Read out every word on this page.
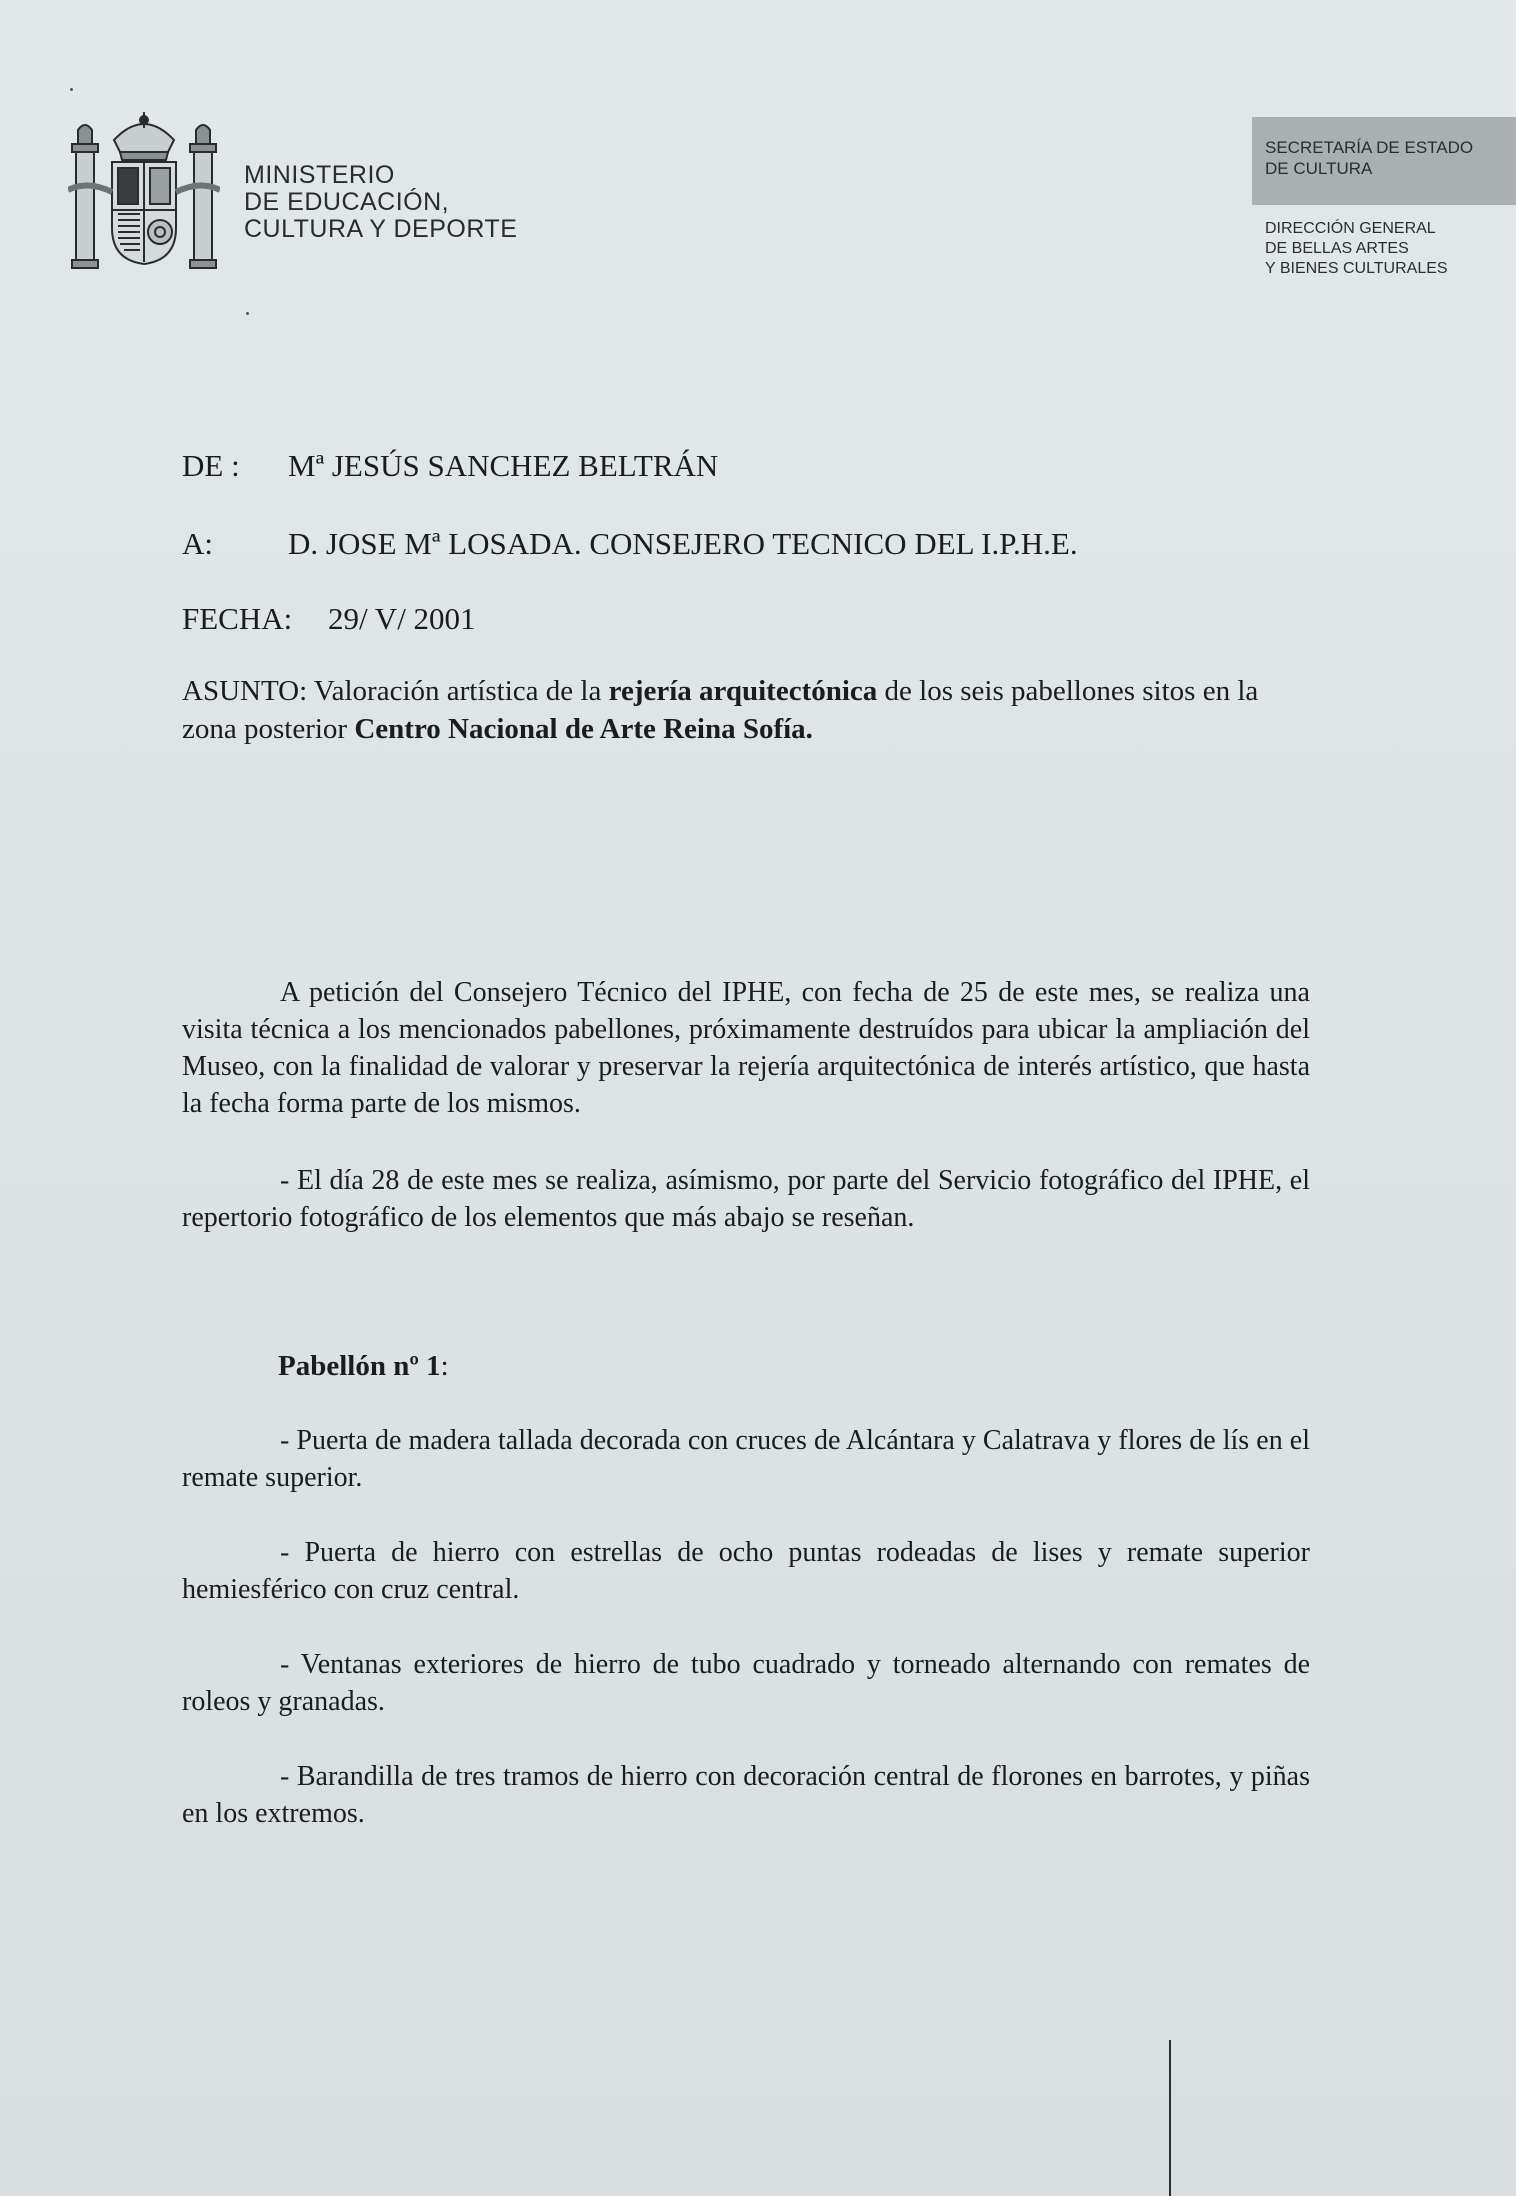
MINISTERIO
DE EDUCACIÓN,
CULTURA Y DEPORTE
SECRETARÍA DE ESTADO
DE CULTURA
DIRECCIÓN GENERAL
DE BELLAS ARTES
Y BIENES CULTURALES
DE : Mª JESÚS SANCHEZ BELTRÁN
A: D. JOSE Mª LOSADA. CONSEJERO TECNICO DEL I.P.H.E.
FECHA: 29/ V/ 2001
ASUNTO: Valoración artística de la rejería arquitectónica de los seis pabellones sitos en la zona posterior Centro Nacional de Arte Reina Sofía.

A petición del Consejero Técnico del IPHE, con fecha de 25 de este mes, se realiza una visita técnica a los mencionados pabellones, próximamente destruídos para ubicar la ampliación del Museo, con la finalidad de valorar y preservar la rejería arquitectónica de interés artístico, que hasta la fecha forma parte de los mismos.

- El día 28 de este mes se realiza, asímismo, por parte del Servicio fotográfico del IPHE, el repertorio fotográfico de los elementos que más abajo se reseñan.

Pabellón nº 1:

- Puerta de madera tallada decorada con cruces de Alcántara y Calatrava y flores de lís en el remate superior.

- Puerta de hierro con estrellas de ocho puntas rodeadas de lises y remate superior hemiesférico con cruz central.

- Ventanas exteriores de hierro de tubo cuadrado y torneado alternando con remates de roleos y granadas.

- Barandilla de tres tramos de hierro con decoración central de florones en barrotes, y piñas en los extremos.
